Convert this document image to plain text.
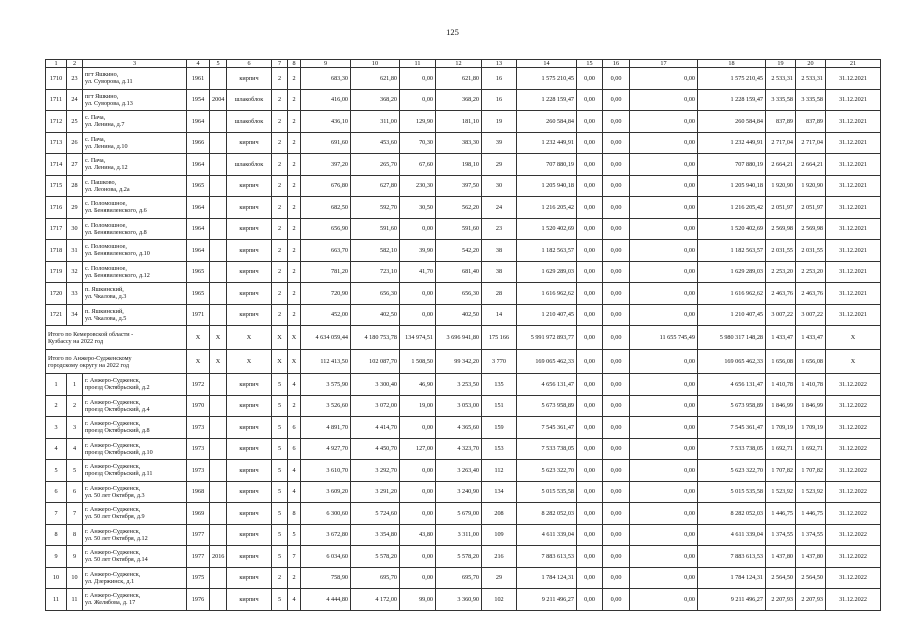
125
1	2	3	4	5	6	7	8	9	10	11	12	13	14	15	16	17	18	19	20	21
1710	23	пгт Яшкино,
ул. Суворова, д.11	1961		кирпич	2	2	683,30	621,80	0,00	621,80	16	1 575 210,45	0,00	0,00	0,00	1 575 210,45	2 533,31	2 533,31	31.12.2021
1711	24	пгт Яшкино,
ул. Суворова, д.13	1954	2004	шлакоблок	2	2	416,00	368,20	0,00	368,20	16	1 228 159,47	0,00	0,00	0,00	1 228 159,47	3 335,58	3 335,58	31.12.2021
1712	25	с. Пача,
ул. Ленина, д.7	1964		шлакоблок	2	2	436,10	311,00	129,90	181,10	19	260 584,84	0,00	0,00	0,00	260 584,84	837,89	837,89	31.12.2021
1713	26	с. Пача,
ул. Ленина, д.10	1966		кирпич	2	2	691,60	453,60	70,30	383,30	39	1 232 449,91	0,00	0,00	0,00	1 232 449,91	2 717,04	2 717,04	31.12.2021
1714	27	с. Пача,
ул. Ленина, д.12	1964		шлакоблок	2	2	397,20	265,70	67,60	198,10	29	707 880,19	0,00	0,00	0,00	707 880,19	2 664,21	2 664,21	31.12.2021
1715	28	с. Пашково,
ул. Леонова, д.2а	1965		кирпич	2	2	676,80	627,80	230,30	397,50	30	1 205 940,18	0,00	0,00	0,00	1 205 940,18	1 920,90	1 920,90	31.12.2021
1716	29	с. Поломошное,
ул. Бенявиленского, д.6	1964		кирпич	2	2	682,50	592,70	30,50	562,20	24	1 216 205,42	0,00	0,00	0,00	1 216 205,42	2 051,97	2 051,97	31.12.2021
1717	30	с. Поломошное,
ул. Бенявиленского, д.8	1964		кирпич	2	2	656,90	591,60	0,00	591,60	23	1 520 402,69	0,00	0,00	0,00	1 520 402,69	2 569,98	2 569,98	31.12.2021
1718	31	с. Поломошное,
ул. Бенявиленского, д.10	1964		кирпич	2	2	663,70	582,10	39,90	542,20	38	1 182 563,57	0,00	0,00	0,00	1 182 563,57	2 031,55	2 031,55	31.12.2021
1719	32	с. Поломошное,
ул. Бенявиленского, д.12	1965		кирпич	2	2	781,20	723,10	41,70	681,40	38	1 629 289,03	0,00	0,00	0,00	1 629 289,03	2 253,20	2 253,20	31.12.2021
1720	33	п. Яшкинский,
ул. Чкалова, д.3	1965		кирпич	2	2	720,90	656,30	0,00	656,30	28	1 616 962,62	0,00	0,00	0,00	1 616 962,62	2 463,76	2 463,76	31.12.2021
1721	34	п. Яшкинский,
ул. Чкалова, д.5	1971		кирпич	2	2	452,00	402,50	0,00	402,50	14	1 210 407,45	0,00	0,00	0,00	1 210 407,45	3 007,22	3 007,22	31.12.2021
Итого по Кемеровской области -
Кузбассу на 2022 год			X	X	X	X	X	4 634 059,44	4 180 753,78	134 974,51	3 696 941,80	175 166	5 991 972 893,77	0,00	0,00	11 655 745,49	5 980 317 148,28	1 433,47	1 433,47	X
Итого по Анжеро-Судженскому
городскому округу на 2022 год			X	X	X	X	X	112 413,50	102 087,70	1 508,50	99 342,20	3 770	169 065 462,33	0,00	0,00	0,00	169 065 462,33	1 656,08	1 656,08	X
1	1	г. Анжеро-Судженск,
проезд Октябрьский, д.2	1972		кирпич	5	4	3 575,90	3 300,40	46,90	3 253,50	135	4 656 131,47	0,00	0,00	0,00	4 656 131,47	1 410,78	1 410,78	31.12.2022
2	2	г. Анжеро-Судженск,
проезд Октябрьский, д.4	1970		кирпич	5	2	3 526,60	3 072,00	19,00	3 053,00	151	5 673 958,89	0,00	0,00	0,00	5 673 958,89	1 846,99	1 846,99	31.12.2022
3	3	г. Анжеро-Судженск,
проезд Октябрьский, д.8	1973		кирпич	5	6	4 891,70	4 414,70	0,00	4 365,60	159	7 545 361,47	0,00	0,00	0,00	7 545 361,47	1 709,19	1 709,19	31.12.2022
4	4	г. Анжеро-Судженск,
проезд Октябрьский, д.10	1973		кирпич	5	6	4 927,70	4 450,70	127,00	4 323,70	153	7 533 738,05	0,00	0,00	0,00	7 533 738,05	1 692,71	1 692,71	31.12.2022
5	5	г. Анжеро-Судженск,
проезд Октябрьский, д.11	1973		кирпич	5	4	3 610,70	3 292,70	0,00	3 263,40	112	5 623 322,70	0,00	0,00	0,00	5 623 322,70	1 707,82	1 707,82	31.12.2022
6	6	г. Анжеро-Судженск,
ул. 50 лет Октября, д.3	1968		кирпич	5	4	3 609,20	3 291,20	0,00	3 240,90	134	5 015 535,58	0,00	0,00	0,00	5 015 535,58	1 523,92	1 523,92	31.12.2022
7	7	г. Анжеро-Судженск,
ул. 50 лет Октября, д.9	1969		кирпич	5	8	6 300,60	5 724,60	0,00	5 679,00	208	8 282 052,03	0,00	0,00	0,00	8 282 052,03	1 446,75	1 446,75	31.12.2022
8	8	г. Анжеро-Судженск,
ул. 50 лет Октября, д.12	1977		кирпич	5	5	3 672,80	3 354,80	43,80	3 311,00	109	4 611 339,04	0,00	0,00	0,00	4 611 339,04	1 374,55	1 374,55	31.12.2022
9	9	г. Анжеро-Судженск,
ул. 50 лет Октября, д.14	1977	2016	кирпич	5	7	6 034,60	5 578,20	0,00	5 578,20	216	7 883 613,53	0,00	0,00	0,00	7 883 613,53	1 437,80	1 437,80	31.12.2022
10	10	г. Анжеро-Судженск,
ул. Дзержинск, д.1	1975		кирпич	2	2	758,90	695,70	0,00	695,70	29	1 784 124,31	0,00	0,00	0,00	1 784 124,31	2 564,50	2 564,50	31.12.2022
11	11	г. Анжеро-Судженск,
ул. Желябова, д. 17	1976		кирпич	5	4	4 444,80	4 172,00	99,00	3 360,90	102	9 211 496,27	0,00	0,00	0,00	9 211 496,27	2 207,93	2 207,93	31.12.2022
